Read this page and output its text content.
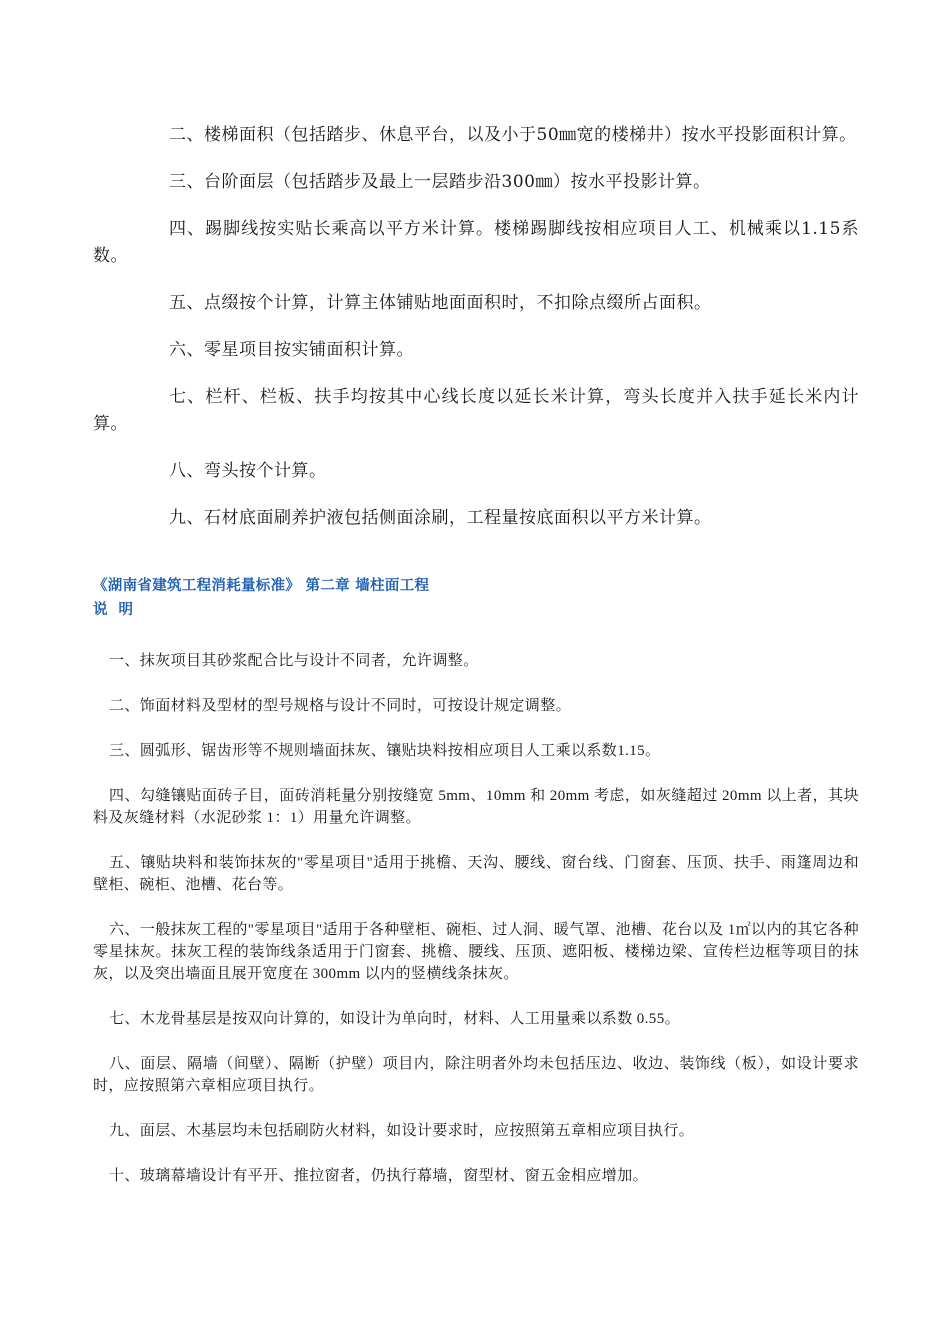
二、楼梯面积（包括踏步、休息平台，以及小于50㎜宽的楼梯井）按水平投影面积计算。

三、台阶面层（包括踏步及最上一层踏步沿300㎜）按水平投影计算。

四、踢脚线按实贴长乘高以平方米计算。楼梯踢脚线按相应项目人工、机械乘以1.15系数。

五、点缀按个计算，计算主体铺贴地面面积时，不扣除点缀所占面积。

六、零星项目按实铺面积计算。

七、栏杆、栏板、扶手均按其中心线长度以延长米计算，弯头长度并入扶手延长米内计算。

八、弯头按个计算。

九、石材底面刷养护液包括侧面涂刷，工程量按底面积以平方米计算。

《湖南省建筑工程消耗量标准》 第二章 墙柱面工程
说 明

一、抹灰项目其砂浆配合比与设计不同者，允许调整。

二、饰面材料及型材的型号规格与设计不同时，可按设计规定调整。

三、圆弧形、锯齿形等不规则墙面抹灰、镶贴块料按相应项目人工乘以系数1.15。

四、勾缝镶贴面砖子目，面砖消耗量分别按缝宽 5mm、10mm 和 20mm 考虑，如灰缝超过 20mm 以上者，其块料及灰缝材料（水泥砂浆 1：1）用量允许调整。

五、镶贴块料和装饰抹灰的"零星项目"适用于挑檐、天沟、腰线、窗台线、门窗套、压顶、扶手、雨篷周边和壁柜、碗柜、池槽、花台等。

六、一般抹灰工程的"零星项目"适用于各种壁柜、碗柜、过人洞、暖气罩、池槽、花台以及 1㎡以内的其它各种零星抹灰。抹灰工程的装饰线条适用于门窗套、挑檐、腰线、压顶、遮阳板、楼梯边梁、宣传栏边框等项目的抹灰，以及突出墙面且展开宽度在 300mm 以内的竖横线条抹灰。

七、木龙骨基层是按双向计算的，如设计为单向时，材料、人工用量乘以系数 0.55。

八、面层、隔墙（间壁）、隔断（护壁）项目内，除注明者外均未包括压边、收边、装饰线（板），如设计要求时，应按照第六章相应项目执行。

九、面层、木基层均未包括刷防火材料，如设计要求时，应按照第五章相应项目执行。

十、玻璃幕墙设计有平开、推拉窗者，仍执行幕墙，窗型材、窗五金相应增加。
